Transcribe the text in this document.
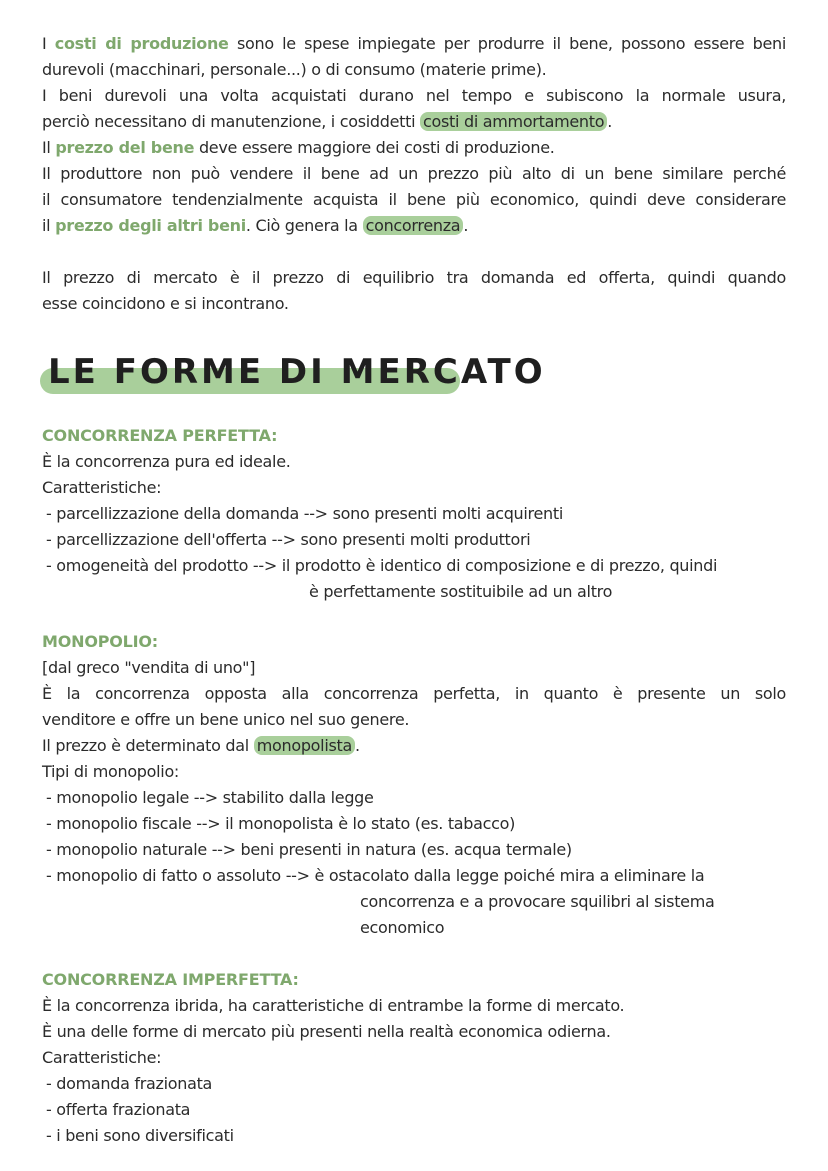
I costi di produzione sono le spese impiegate per produrre il bene, possono essere beni
durevoli (macchinari, personale...) o di consumo (materie prime).
I beni durevoli una volta acquistati durano nel tempo e subiscono la normale usura,
perciò necessitano di manutenzione, i cosiddetti costi di ammortamento .
Il prezzo del bene deve essere maggiore dei costi di produzione.
Il produttore non può vendere il bene ad un prezzo più alto di un bene similare perché
il consumatore tendenzialmente acquista il bene più economico, quindi deve considerare
il prezzo degli altri beni. Ciò genera la concorrenza .
Il prezzo di mercato è il prezzo di equilibrio tra domanda ed offerta, quindi quando
esse coincidono e si incontrano.
LE FORME DI MERCATO
CONCORRENZA PERFETTA:
È la concorrenza pura ed ideale.
Caratteristiche:
- parcellizzazione della domanda --> sono presenti molti acquirenti
- parcellizzazione dell'offerta --> sono presenti molti produttori
- omogeneità del prodotto --> il prodotto è identico di composizione e di prezzo, quindi
è perfettamente sostituibile ad un altro
MONOPOLIO:
[dal greco "vendita di uno"]
È la concorrenza opposta alla concorrenza perfetta, in quanto è presente un solo
venditore e offre un bene unico nel suo genere.
Il prezzo è determinato dal monopolista .
Tipi di monopolio:
- monopolio legale --> stabilito dalla legge
- monopolio fiscale --> il monopolista è lo stato (es. tabacco)
- monopolio naturale --> beni presenti in natura (es. acqua termale)
- monopolio di fatto o assoluto --> è ostacolato dalla legge poiché mira a eliminare la
concorrenza e a provocare squilibri al sistema
economico
CONCORRENZA IMPERFETTA:
È la concorrenza ibrida, ha caratteristiche di entrambe la forme di mercato.
È una delle forme di mercato più presenti nella realtà economica odierna.
Caratteristiche:
- domanda frazionata
- offerta frazionata
- i beni sono diversificati
